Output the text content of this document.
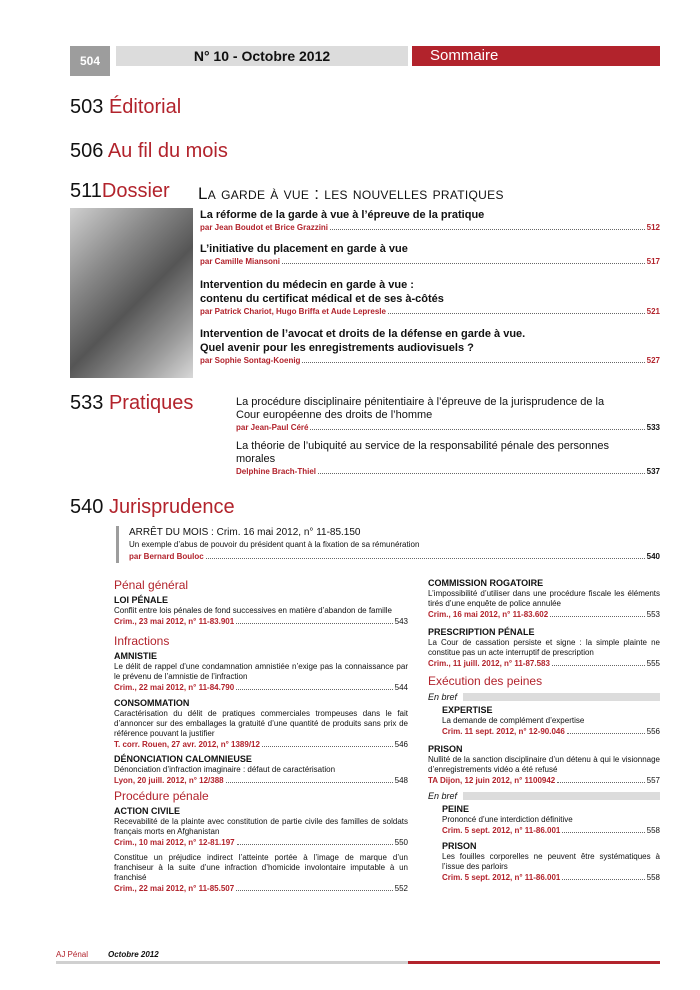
504	N° 10 - Octobre 2012	Sommaire
503 Éditorial
506 Au fil du mois
511Dossier La garde à vue : les nouvelles pratiques
La réforme de la garde à vue à l’épreuve de la pratique
par Jean Boudot et Brice Grazzini	512
L’initiative du placement en garde à vue
par Camille Miansoni	517
Intervention du médecin en garde à vue :
contenu du certificat médical et de ses à-côtés
par Patrick Chariot, Hugo Briffa et Aude Lepresle	521
Intervention de l’avocat et droits de la défense en garde à vue.
Quel avenir pour les enregistrements audiovisuels ?
par Sophie Sontag-Koenig	527
533 Pratiques	La procédure disciplinaire pénitentiaire à l’épreuve de la jurisprudence de la
Cour européenne des droits de l’homme
par Jean-Paul Céré	533
La théorie de l’ubiquité au service de la responsabilité pénale des personnes
morales
Delphine Brach-Thiel	537
540 Jurisprudence
ARRÊT DU MOIS : Crim. 16 mai 2012, n° 11-85.150
Un exemple d’abus de pouvoir du président quant à la fixation de sa rémunération
par Bernard Bouloc	540
Pénal général
LOI PÉNALE
Conflit entre lois pénales de fond successives en matière d’abandon de famille
Crim., 23 mai 2012, n° 11-83.901	543
Infractions
AMNISTIE
Le délit de rappel d’une condamnation amnistiée n’exige pas la connaissance par le prévenu de l’amnistie de l’infraction
Crim., 22 mai 2012, n° 11-84.790	544
CONSOMMATION
Caractérisation du délit de pratiques commerciales trompeuses dans le fait d’annoncer sur des emballages la gratuité d’une quantité de produits sans prix de référence pouvant la justifier
T. corr. Rouen, 27 avr. 2012, n° 1389/12	546
DÉNONCIATION CALOMNIEUSE
Dénonciation d’infraction imaginaire : défaut de caractérisation
Lyon, 20 juill. 2012, n° 12/388	548
Procédure pénale
ACTION CIVILE
Recevabilité de la plainte avec constitution de partie civile des familles de soldats français morts en Afghanistan
Crim., 10 mai 2012, n° 12-81.197	550
Constitue un préjudice indirect l’atteinte portée à l’image de marque d’un franchiseur à la suite d’une infraction d’homicide involontaire imputable à un franchisé
Crim., 22 mai 2012, n° 11-85.507	552
COMMISSION ROGATOIRE
L’impossibilité d’utiliser dans une procédure fiscale les éléments tirés d’une enquête de police annulée
Crim., 16 mai 2012, n° 11-83.602	553
PRESCRIPTION PÉNALE
La Cour de cassation persiste et signe : la simple plainte ne constitue pas un acte interruptif de prescription
Crim., 11 juill. 2012, n° 11-87.583	555
Exécution des peines
En bref
EXPERTISE
La demande de complément d’expertise
Crim. 11 sept. 2012, n° 12-90.046	556
PRISON
Nullité de la sanction disciplinaire d’un détenu à qui le visionnage d’enregistrements vidéo a été refusé
TA Dijon, 12 juin 2012, n° 1100942	557
En bref
PEINE
Prononcé d’une interdiction définitive
Crim. 5 sept. 2012, n° 11-86.001	558
PRISON
Les fouilles corporelles ne peuvent être systématiques à l’issue des parloirs
Crim. 5 sept. 2012, n° 11-86.001	558
AJ Pénal Octobre 2012
